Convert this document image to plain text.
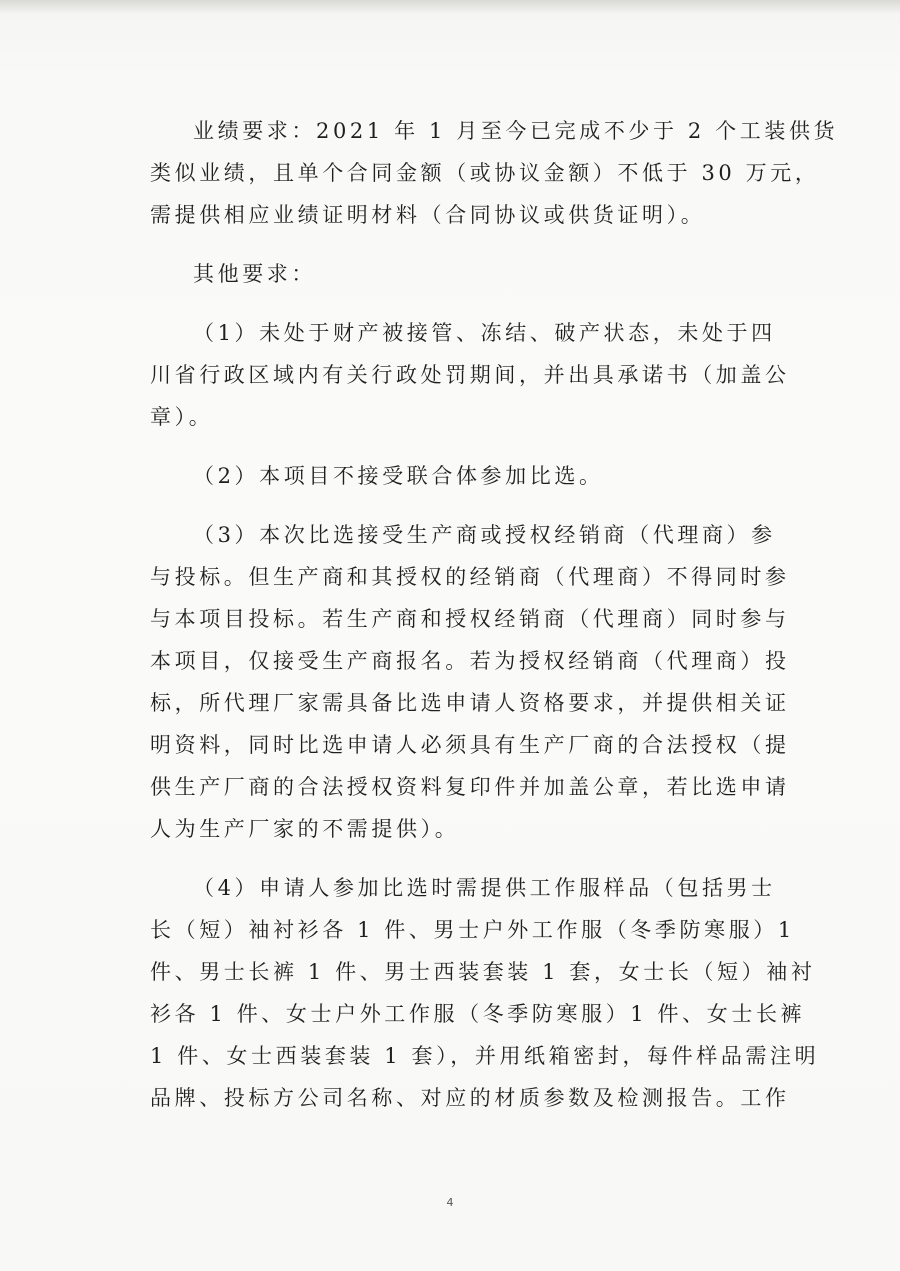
业绩要求：2021 年 1 月至今已完成不少于 2 个工装供货
类似业绩，且单个合同金额（或协议金额）不低于 30 万元，
需提供相应业绩证明材料（合同协议或供货证明）。
其他要求：
（1）未处于财产被接管、冻结、破产状态，未处于四
川省行政区域内有关行政处罚期间，并出具承诺书（加盖公
章）。
（2）本项目不接受联合体参加比选。
（3）本次比选接受生产商或授权经销商（代理商）参
与投标。但生产商和其授权的经销商（代理商）不得同时参
与本项目投标。若生产商和授权经销商（代理商）同时参与
本项目，仅接受生产商报名。若为授权经销商（代理商）投
标，所代理厂家需具备比选申请人资格要求，并提供相关证
明资料，同时比选申请人必须具有生产厂商的合法授权（提
供生产厂商的合法授权资料复印件并加盖公章，若比选申请
人为生产厂家的不需提供）。
（4）申请人参加比选时需提供工作服样品（包括男士
长（短）袖衬衫各 1 件、男士户外工作服（冬季防寒服）1
件、男士长裤 1 件、男士西装套装 1 套，女士长（短）袖衬
衫各 1 件、女士户外工作服（冬季防寒服）1 件、女士长裤
1 件、女士西装套装 1 套），并用纸箱密封，每件样品需注明
品牌、投标方公司名称、对应的材质参数及检测报告。工作
4
